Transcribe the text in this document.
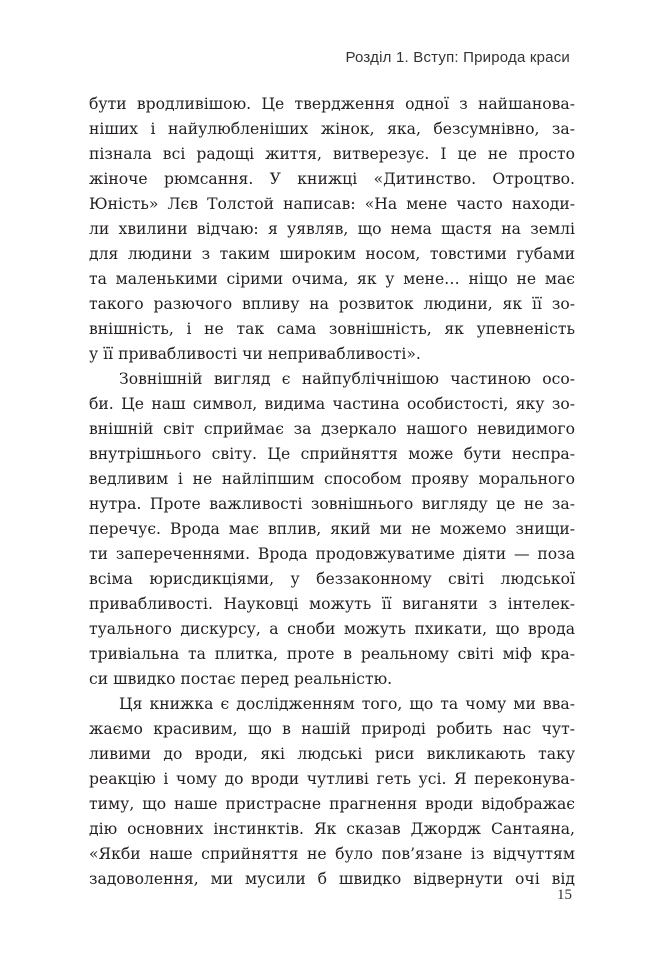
Розділ 1. Вступ: Природа краси
бути вродливішою. Це твердження одної з найшанова-
ніших і найулюбленіших жінок, яка, безсумнівно, за-
пізнала всі радощі життя, витверезує. І це не просто
жіноче рюмсання. У книжці «Дитинство. Отроцтво.
Юність» Лєв Толстой написав: «На мене часто находи-
ли хвилини відчаю: я уявляв, що нема щастя на землі
для людини з таким широким носом, товстими губами
та маленькими сірими очима, як у мене… ніщо не має
такого разючого впливу на розвиток людини, як її зо-
внішність, і не так сама зовнішність, як упевненість
у її привабливості чи непривабливості».
Зовнішній вигляд є найпублічнішою частиною осо-
би. Це наш символ, видима частина особистості, яку зо-
внішній світ сприймає за дзеркало нашого невидимого
внутрішнього світу. Це сприйняття може бути неспра-
ведливим і не найліпшим способом прояву морального
нутра. Проте важливості зовнішнього вигляду це не за-
перечує. Врода має вплив, який ми не можемо знищи-
ти запереченнями. Врода продовжуватиме діяти — поза
всіма юрисдикціями, у беззаконному світі людської
привабливості. Науковці можуть її виганяти з інтелек-
туального дискурсу, а сноби можуть пхикати, що врода
тривіальна та плитка, проте в реальному світі міф кра-
си швидко постає перед реальністю.
Ця книжка є дослідженням того, що та чому ми вва-
жаємо красивим, що в нашій природі робить нас чут-
ливими до вроди, які людські риси викликають таку
реакцію і чому до вроди чутливі геть усі. Я переконува-
тиму, що наше пристрасне прагнення вроди відображає
дію основних інстинктів. Як сказав Джордж Сантаяна,
«Якби наше сприйняття не було пов’язане із відчуттям
задоволення, ми мусили б швидко відвернути очі від
15
